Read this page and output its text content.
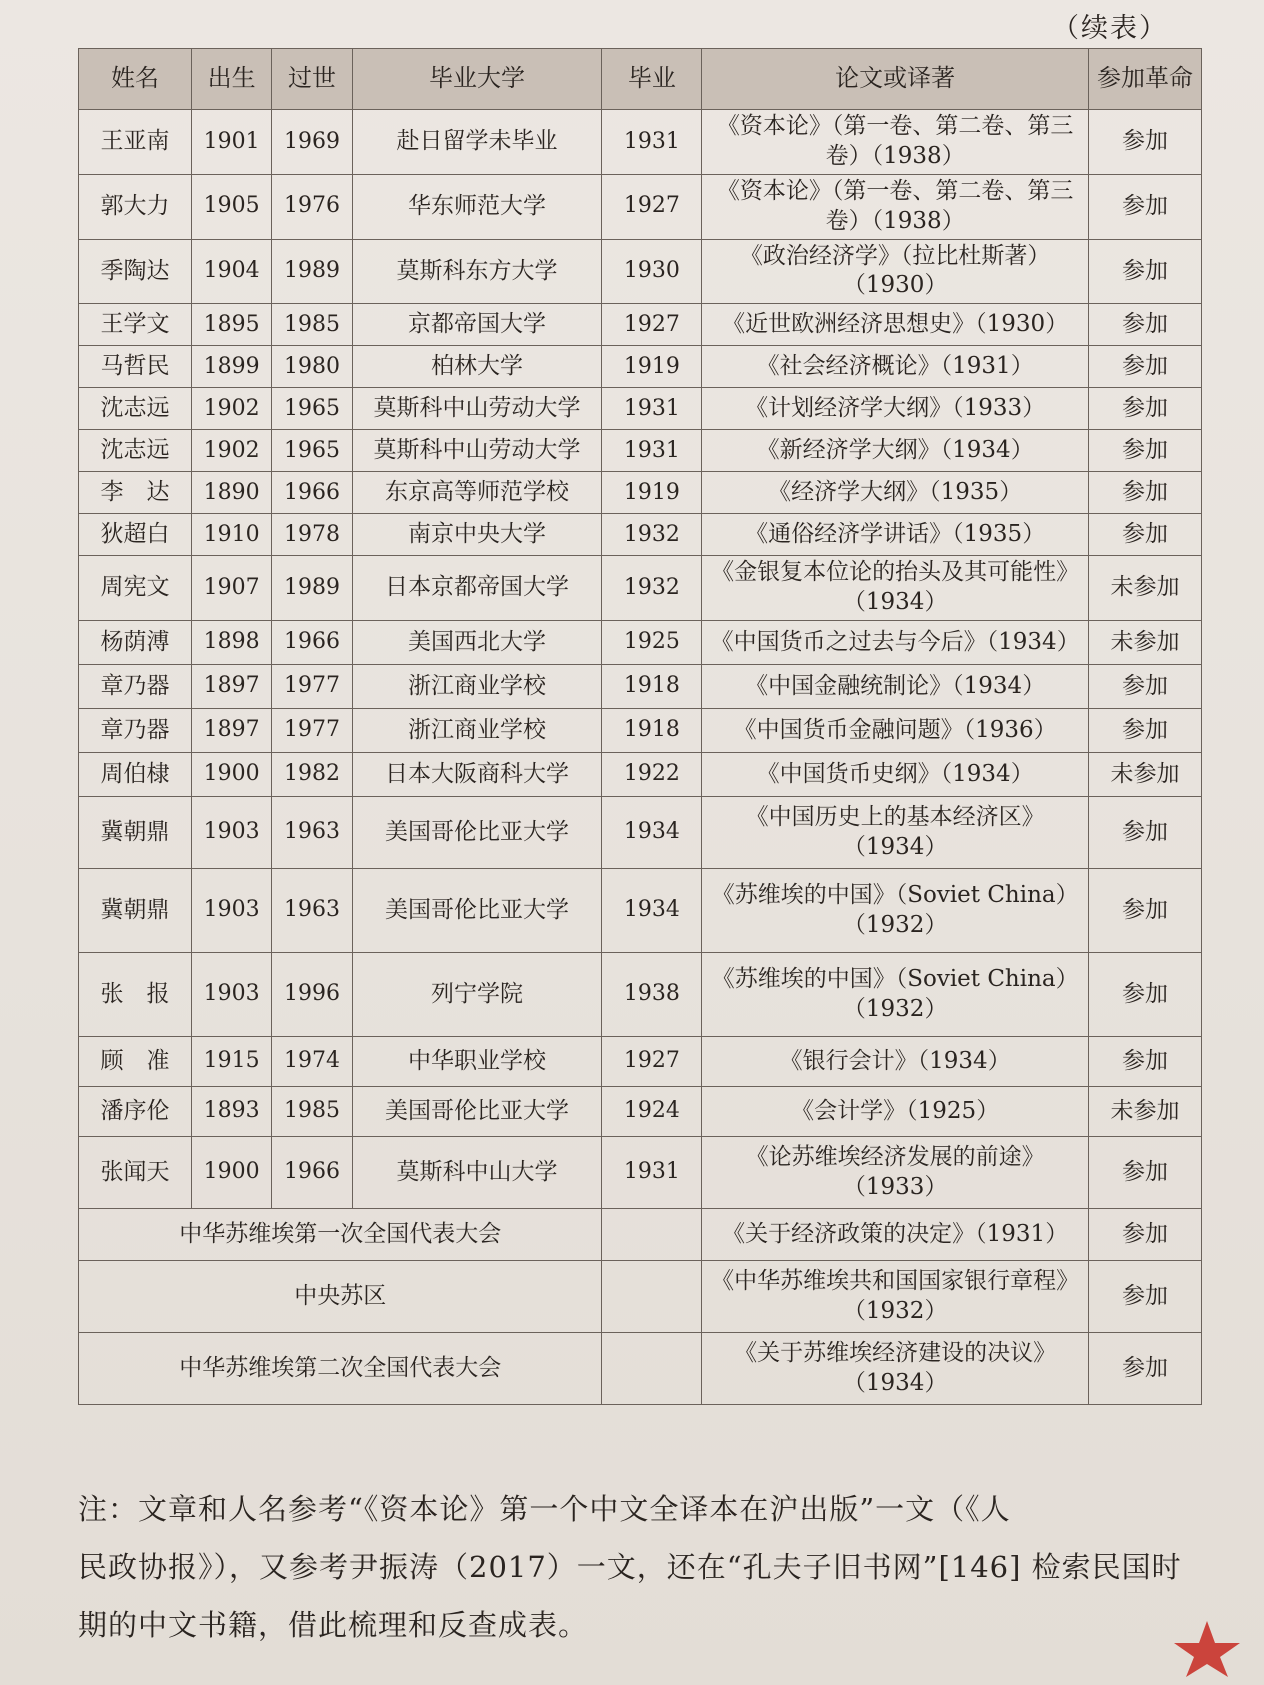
（续表）
姓名	出生	过世	毕业大学	毕业	论文或译著	参加革命
王亚南	1901	1969	赴日留学未毕业	1931	《资本论》（第一卷、第二卷、第三卷）（1938）	参加
郭大力	1905	1976	华东师范大学	1927	《资本论》（第一卷、第二卷、第三卷）（1938）	参加
季陶达	1904	1989	莫斯科东方大学	1930	《政治经济学》（拉比杜斯著）（1930）	参加
王学文	1895	1985	京都帝国大学	1927	《近世欧洲经济思想史》（1930）	参加
马哲民	1899	1980	柏林大学	1919	《社会经济概论》（1931）	参加
沈志远	1902	1965	莫斯科中山劳动大学	1931	《计划经济学大纲》（1933）	参加
沈志远	1902	1965	莫斯科中山劳动大学	1931	《新经济学大纲》（1934）	参加
李　达	1890	1966	东京高等师范学校	1919	《经济学大纲》（1935）	参加
狄超白	1910	1978	南京中央大学	1932	《通俗经济学讲话》（1935）	参加
周宪文	1907	1989	日本京都帝国大学	1932	《金银复本位论的抬头及其可能性》（1934）	未参加
杨荫溥	1898	1966	美国西北大学	1925	《中国货币之过去与今后》（1934）	未参加
章乃器	1897	1977	浙江商业学校	1918	《中国金融统制论》（1934）	参加
章乃器	1897	1977	浙江商业学校	1918	《中国货币金融问题》（1936）	参加
周伯棣	1900	1982	日本大阪商科大学	1922	《中国货币史纲》（1934）	未参加
冀朝鼎	1903	1963	美国哥伦比亚大学	1934	《中国历史上的基本经济区》（1934）	参加
冀朝鼎	1903	1963	美国哥伦比亚大学	1934	《苏维埃的中国》（Soviet China）（1932）	参加
张　报	1903	1996	列宁学院	1938	《苏维埃的中国》（Soviet China）（1932）	参加
顾　准	1915	1974	中华职业学校	1927	《银行会计》（1934）	参加
潘序伦	1893	1985	美国哥伦比亚大学	1924	《会计学》（1925）	未参加
张闻天	1900	1966	莫斯科中山大学	1931	《论苏维埃经济发展的前途》（1933）	参加
中华苏维埃第一次全国代表大会					《关于经济政策的决定》（1931）	参加
中央苏区					《中华苏维埃共和国国家银行章程》（1932）	参加
中华苏维埃第二次全国代表大会					《关于苏维埃经济建设的决议》（1934）	参加

注：文章和人名参考“《资本论》第一个中文全译本在沪出版”一文（《人

民政协报》），又参考尹振涛（2017）一文，还在“孔夫子旧书网”[146] 检索民国时

期的中文书籍，借此梳理和反查成表。
